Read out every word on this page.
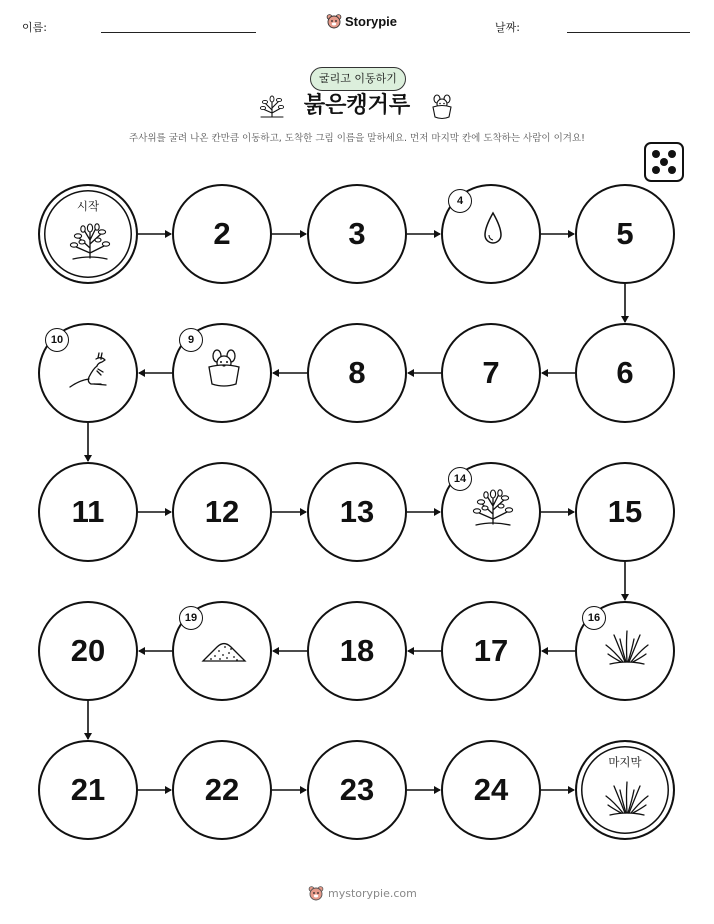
이름:	Storypie	날짜:
굴리고 이동하기
붉은캥거루
주사위를 굴려 나온 칸만큼 이동하고, 도착한 그림 이름을 말하세요. 먼저 마지막 칸에 도착하는 사람이 이겨요!
마지막
24
23
22
21
20	18	17
15
13
12
11
8	7	6
5
3
2
시작	4
9
10
14
16
19
mystorypie.com
